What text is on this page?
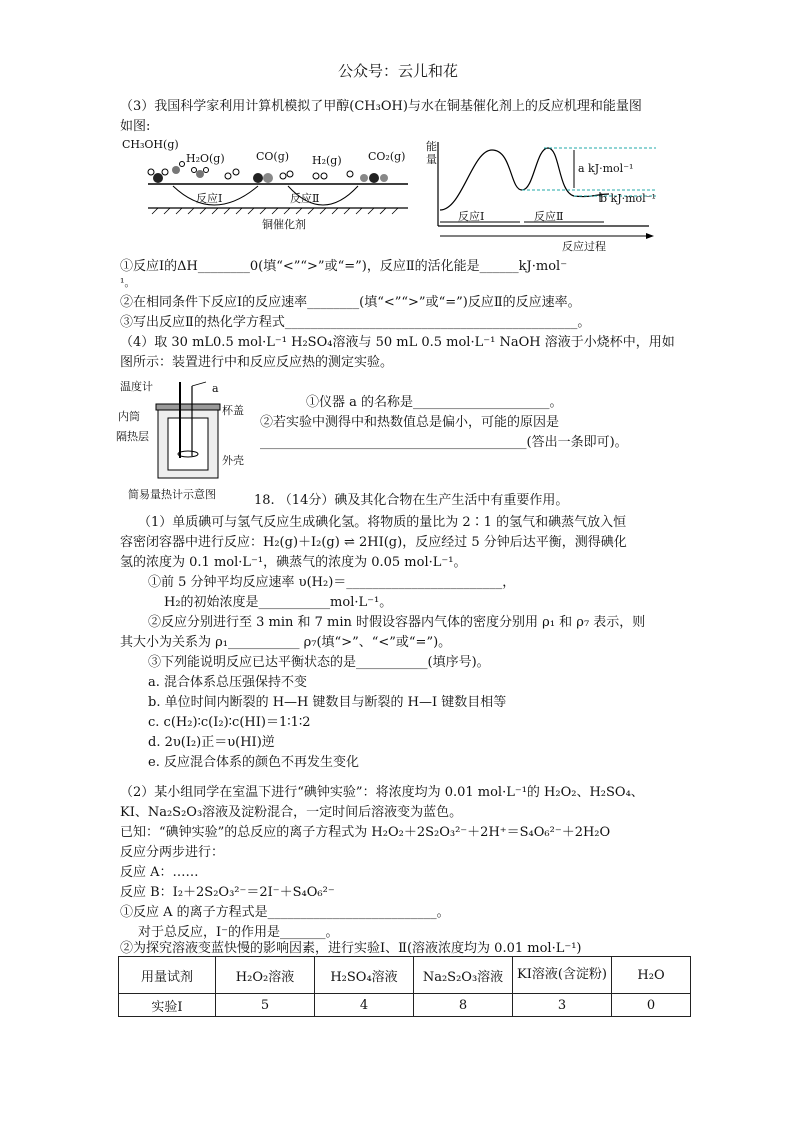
公众号：云儿和花
（3）我国科学家利用计算机模拟了甲醇(CH₃OH)与水在铜基催化剂上的反应机理和能量图
如图:
CH₃OH(g)
H₂O(g)	CO(g) H₂(g) CO₂(g)
反应Ⅰ	反应Ⅱ
铜催化剂
能量
a kJ·mol⁻¹
b kJ·mol⁻¹
反应Ⅰ	反应Ⅱ
反应过程
①反应Ⅰ的ΔH________0(填“<”“>”或“=”)，反应Ⅱ的活化能是______kJ·mol⁻
¹。
②在相同条件下反应Ⅰ的反应速率________(填“<”“>”或“=”)反应Ⅱ的反应速率。
③写出反应Ⅱ的热化学方程式_____________________________________________。
（4）取 30 mL0.5 mol·L⁻¹ H₂SO₄溶液与 50 mL 0.5 mol·L⁻¹ NaOH 溶液于小烧杯中，用如
图所示：装置进行中和反应反应热的测定实验。
温度计	a
杯盖
内筒
隔热层
外壳
简易量热计示意图
①仪器 a 的名称是_____________________。
②若实验中测得中和热数值总是偏小，可能的原因是
_________________________________________(答出一条即可)。
18. （14分）碘及其化合物在生产生活中有重要作用。
（1）单质碘可与氢气反应生成碘化氢。将物质的量比为 2∶1 的氢气和碘蒸气放入恒
容密闭容器中进行反应：H₂(g)＋I₂(g) ⇌ 2HI(g)，反应经过 5 分钟后达平衡，测得碘化
氢的浓度为 0.1 mol·L⁻¹，碘蒸气的浓度为 0.05 mol·L⁻¹。
①前 5 分钟平均反应速率 υ(H₂)＝________________________，
H₂的初始浓度是___________mol·L⁻¹。
②反应分别进行至 3 min 和 7 min 时假设容器内气体的密度分别用 ρ₁ 和 ρ₇ 表示，则
其大小为关系为 ρ₁___________ ρ₇(填“>”、“<”或“=”)。
③下列能说明反应已达平衡状态的是___________(填序号)。
a. 混合体系总压强保持不变
b. 单位时间内断裂的 H—H 键数目与断裂的 H—I 键数目相等
c. c(H₂)∶c(I₂)∶c(HI)＝1∶1∶2
d. 2υ(I₂)正＝υ(HI)逆
e. 反应混合体系的颜色不再发生变化
（2）某小组同学在室温下进行“碘钟实验”：将浓度均为 0.01 mol·L⁻¹的 H₂O₂、H₂SO₄、
KI、Na₂S₂O₃溶液及淀粉混合，一定时间后溶液变为蓝色。
已知：“碘钟实验”的总反应的离子方程式为 H₂O₂＋2S₂O₃²⁻＋2H⁺＝S₄O₆²⁻＋2H₂O
反应分两步进行：
反应 A：……
反应 B：I₂＋2S₂O₃²⁻＝2I⁻＋S₄O₆²⁻
①反应 A 的离子方程式是__________________________。
对于总反应，I⁻的作用是_______。
②为探究溶液变蓝快慢的影响因素，进行实验Ⅰ、Ⅱ(溶液浓度均为 0.01 mol·L⁻¹)
用量试剂	H₂O₂溶液	H₂SO₄溶液	Na₂S₂O₃溶液	KI溶液(含淀粉)	H₂O
实验Ⅰ	5	4	8	3	0
